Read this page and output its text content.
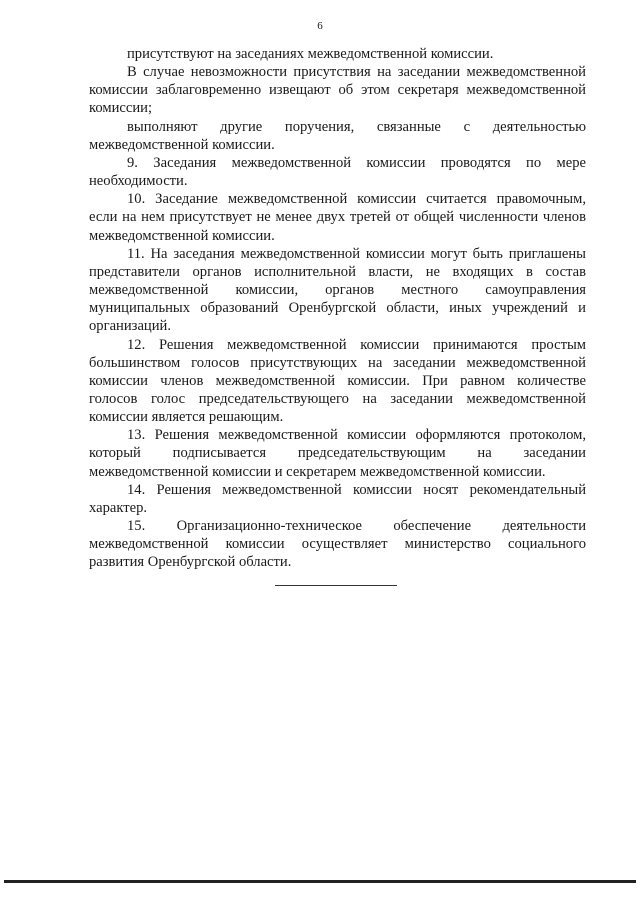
6

присутствуют на заседаниях межведомственной комиссии.

В случае невозможности присутствия на заседании межведомственной комиссии заблаговременно извещают об этом секретаря межведомственной комиссии;

выполняют другие поручения, связанные с деятельностью межведомственной комиссии.

9. Заседания межведомственной комиссии проводятся по мере необходимости.

10. Заседание межведомственной комиссии считается правомочным, если на нем присутствует не менее двух третей от общей численности членов межведомственной комиссии.

11. На заседания межведомственной комиссии могут быть приглашены представители органов исполнительной власти, не входящих в состав межведомственной комиссии, органов местного самоуправления муниципальных образований Оренбургской области, иных учреждений и организаций.

12. Решения межведомственной комиссии принимаются простым большинством голосов присутствующих на заседании межведомственной комиссии членов межведомственной комиссии. При равном количестве голосов голос председательствующего на заседании межведомственной комиссии является решающим.

13. Решения межведомственной комиссии оформляются протоколом, который подписывается председательствующим на заседании межведомственной комиссии и секретарем межведомственной комиссии.

14. Решения межведомственной комиссии носят рекомендательный характер.

15. Организационно-техническое обеспечение деятельности межведомственной комиссии осуществляет министерство социального развития Оренбургской области.
